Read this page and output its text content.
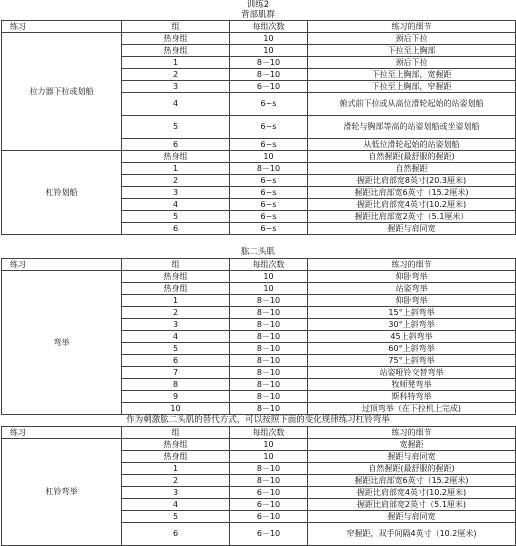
训练2
背部肌群
练习	组	每组次数	练习的细节
拉力器下拉或划船	热身组	10	颈后下拉
	热身组	10	下拉至上胸部
	1	8－10	颈后下拉
	2	8－10	下拉至上胸部，宽握距
	3	6－10	下拉至上胸部，窄握距
	4	6~s	俯式前下拉或从高位滑轮起始的站姿划船
	5	6~s	滑轮与胸部等高的站姿划船或坐姿划船
	6	6~s	从低位滑轮起始的站姿划船
杠铃划船	热身组	10	自然握距(最舒服的握距)
	1	8－10	自然握距
	2	6~s	握距比肩部宽8英寸(20.3厘米)
	3	6~s	握距比肩部宽6英寸（15.2厘米)
	4	6~s	握距比肩部宽4英寸(10.2厘米)
	5	6~s	握距比肩部宽2英寸（5.1厘米）
	6	6~s	握距与肩同宽
肱二头肌
练习	组	每组次数	练习的细节
弯举	热身组	10	仰卧弯举
	热身组	10	站姿弯举
	1	8－10	仰卧弯举
	2	8－10	15°上斜弯举
	3	8－10	30°上斜弯举
	4	8－10	45上斜弯举
	5	8－10	60°上斜弯举
	6	8－10	75°上斜弯举
	7	8－10	站姿哑铃交替弯举
	8	8－10	牧师凳弯举
	9	8－10	斯科特弯举
	10	8－10	过顶弯举（在下拉机上完成)
作为刺激肱二头肌的替代方式，可以按照下面的变化规律练习杠铃弯举
练习	组	每组次数	练习的细节
杠铃弯举	热身组	10	宽握距
	热身组	10	握距与肩同宽
	1	8－10	自然握距(最舒服的握距)
	2	8－10	握距比肩部宽6英寸（15.2厘米)
	3	6－10	握距比肩部宽4英寸(10.2厘米)
	4	6－10	握距比肩部宽2英寸（5.1厘米)
	5	6－10	握距与肩同宽
	6	6－10	窄握距，双手间隔4英寸（10.2厘米)
